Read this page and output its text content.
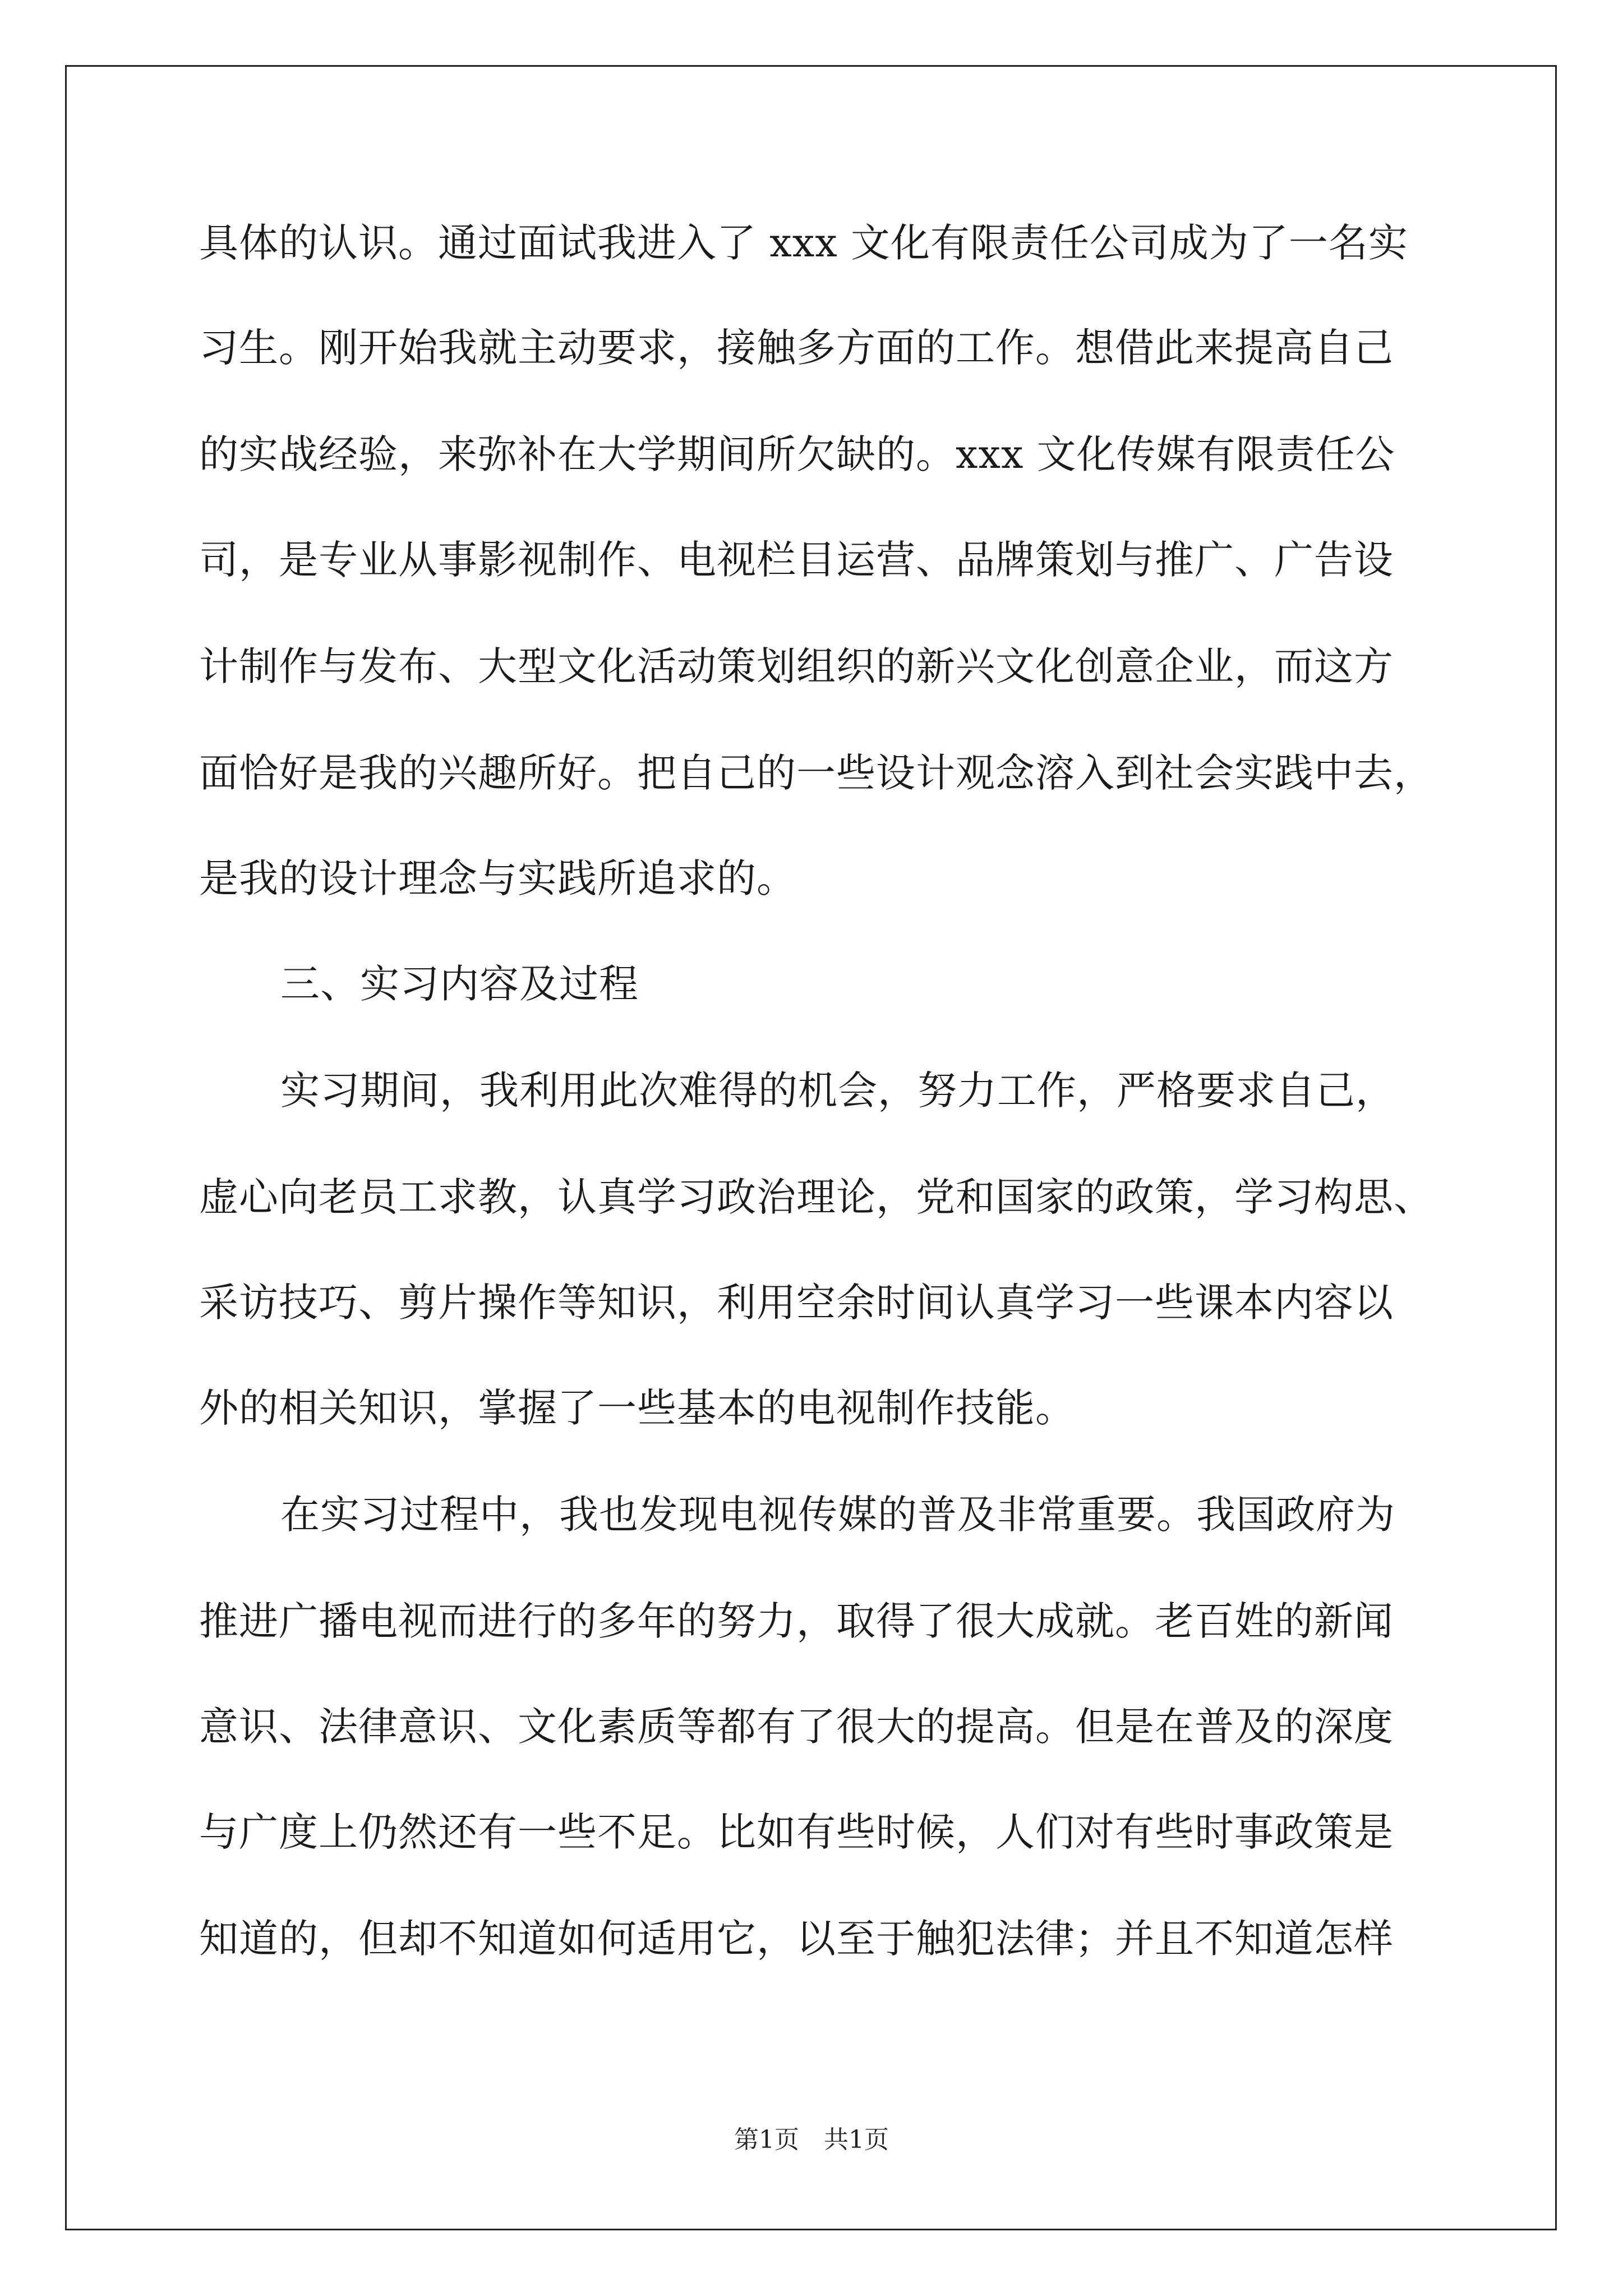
具体的认识。通过面试我进入了 xxx 文化有限责任公司成为了一名实
习生。刚开始我就主动要求，接触多方面的工作。想借此来提高自己
的实战经验，来弥补在大学期间所欠缺的。xxx 文化传媒有限责任公
司，是专业从事影视制作、电视栏目运营、品牌策划与推广、广告设
计制作与发布、大型文化活动策划组织的新兴文化创意企业，而这方
面恰好是我的兴趣所好。把自己的一些设计观念溶入到社会实践中去，
是我的设计理念与实践所追求的。
三、实习内容及过程
实习期间，我利用此次难得的机会，努力工作，严格要求自己，
虚心向老员工求教，认真学习政治理论，党和国家的政策，学习构思、
采访技巧、剪片操作等知识，利用空余时间认真学习一些课本内容以
外的相关知识，掌握了一些基本的电视制作技能。
在实习过程中，我也发现电视传媒的普及非常重要。我国政府为
推进广播电视而进行的多年的努力，取得了很大成就。老百姓的新闻
意识、法律意识、文化素质等都有了很大的提高。但是在普及的深度
与广度上仍然还有一些不足。比如有些时候，人们对有些时事政策是
知道的，但却不知道如何适用它，以至于触犯法律；并且不知道怎样
第1页　共1页
